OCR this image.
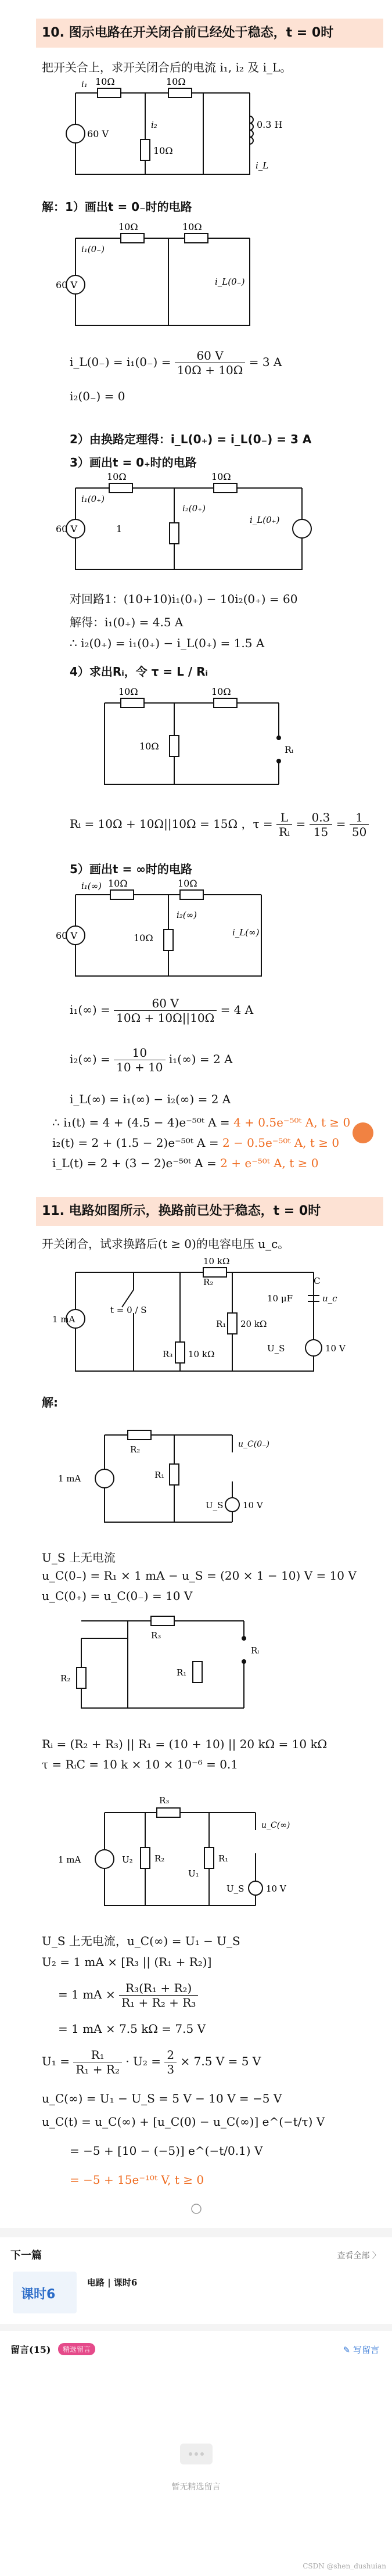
10. 图示电路在开关闭合前已经处于稳态，t = 0时
把开关合上，求开关闭合后的电流 i₁, i₂ 及 i_L。
10Ω	10Ω
10Ω
60 V
0.3 H
i₁
i₂
i_L
解：1）画出t = 0₋时的电路
10Ω	10Ω
60 V
i₁(0₋)
i_L(0₋)
i_L(0₋) = $i_1(0_-) = \frac{60 V}{10\Omega + 10\Omega} = 3$ A
i₂(0₋) = 0
2）由换路定理得：i_L(0₊) = i_L(0₋) = 3 A
3）画出t = 0₊时的电路
10Ω	10Ω
60 V
i₁(0₊)
i₂(0₊)
i_L(0₊)
1
对回路1：(10+10)i₁(0₊) − 10i₂(0₊) = 60
解得：i₁(0₊) = 4.5 A
∴ i₂(0₊) = i₁(0₊) − i_L(0₊) = 1.5 A
4）求出Rᵢ，令 τ = L / Rᵢ
10Ω	10Ω
10Ω	Rᵢ
Rᵢ = 10Ω + 10Ω||10Ω = 15Ω ，$\tau = \frac{L}{\text{Rᵢ}} = \frac{0.3}{15} = \frac{1}{50}$
5）画出t = ∞时的电路
10Ω	10Ω
10Ω
60 V
i₁(∞)
i₂(∞)
i_L(∞)
$i_1(\infty) = \frac{60 V}{10\Omega + 10\Omega||10\Omega} = 4$ A
$i_2(\infty) = \frac{10}{10 + 10} i_1(\infty) = 2$ A
i_L(∞) = i₁(∞) − i₂(∞) = 2 A
∴ i₁(t) = 4 + (4.5 − 4)e⁻⁵⁰ᵗ A = 4 + 0.5e⁻⁵⁰ᵗ A, t ≥ 0
i₂(t) = 2 + (1.5 − 2)e⁻⁵⁰ᵗ A = 2 − 0.5e⁻⁵⁰ᵗ A, t ≥ 0
i_L(t) = 2 + (3 − 2)e⁻⁵⁰ᵗ A = 2 + e⁻⁵⁰ᵗ A, t ≥ 0
11. 电路如图所示，换路前已处于稳态，t = 0时
开关闭合，试求换路后(t ≥ 0)的电容电压 u_c。
10 kΩ
R₂
10 kΩ
R₃
20 kΩ
R₁
1 mA
10 μF
C
u_c
U_S	10 V
t = 0 / S
解:
R₂
R₁
1 mA
U_S 10 V
u_C(0₋)
U_S 上无电流
u_C(0₋) = R₁ × 1 mA − u_S = (20 × 1 − 10) V = 10 V
u_C(0₊) = u_C(0₋) = 10 V
R₃
R₂
R₁
Rᵢ
Rᵢ = (R₂ + R₃) || R₁ = (10 + 10) || 20 kΩ = 10 kΩ
τ = RᵢC = 10 k × 10 × 10⁻⁶ = 0.1
R₃
R₂	R₁
1 mA	U₂
U₁
U_S	10 V
u_C(∞)
U_S 上无电流，u_C(∞) = U₁ − U_S
U₂ = 1 mA × [R₃ || (R₁ + R₂)]
= 1 mA × $\frac{\text{R₃(R₁ + R₂)}}{\text{R₁ + R₂ + R₃}}$
= 1 mA × 7.5 kΩ = 7.5 V
$U_1 = \frac{\text{R₁}}{\text{R₁ + R₂}} \cdot U_2 = \frac{2}{3} \times 7.5$ V = 5 V
u_C(∞) = U₁ − U_S = 5 V − 10 V = −5 V
u_C(t) = u_C(∞) + [u_C(0) − u_C(∞)] e^(−t/τ) V
= −5 + [10 − (−5)] e^(−t/0.1) V
= −5 + 15e⁻¹⁰ᵗ V, t ≥ 0
下一篇	查看全部 〉
课时6
电路 | 课时6
留言(15)	精选留言	✎ 写留言
暂无精选留言
CSDN @shen_dushuian
